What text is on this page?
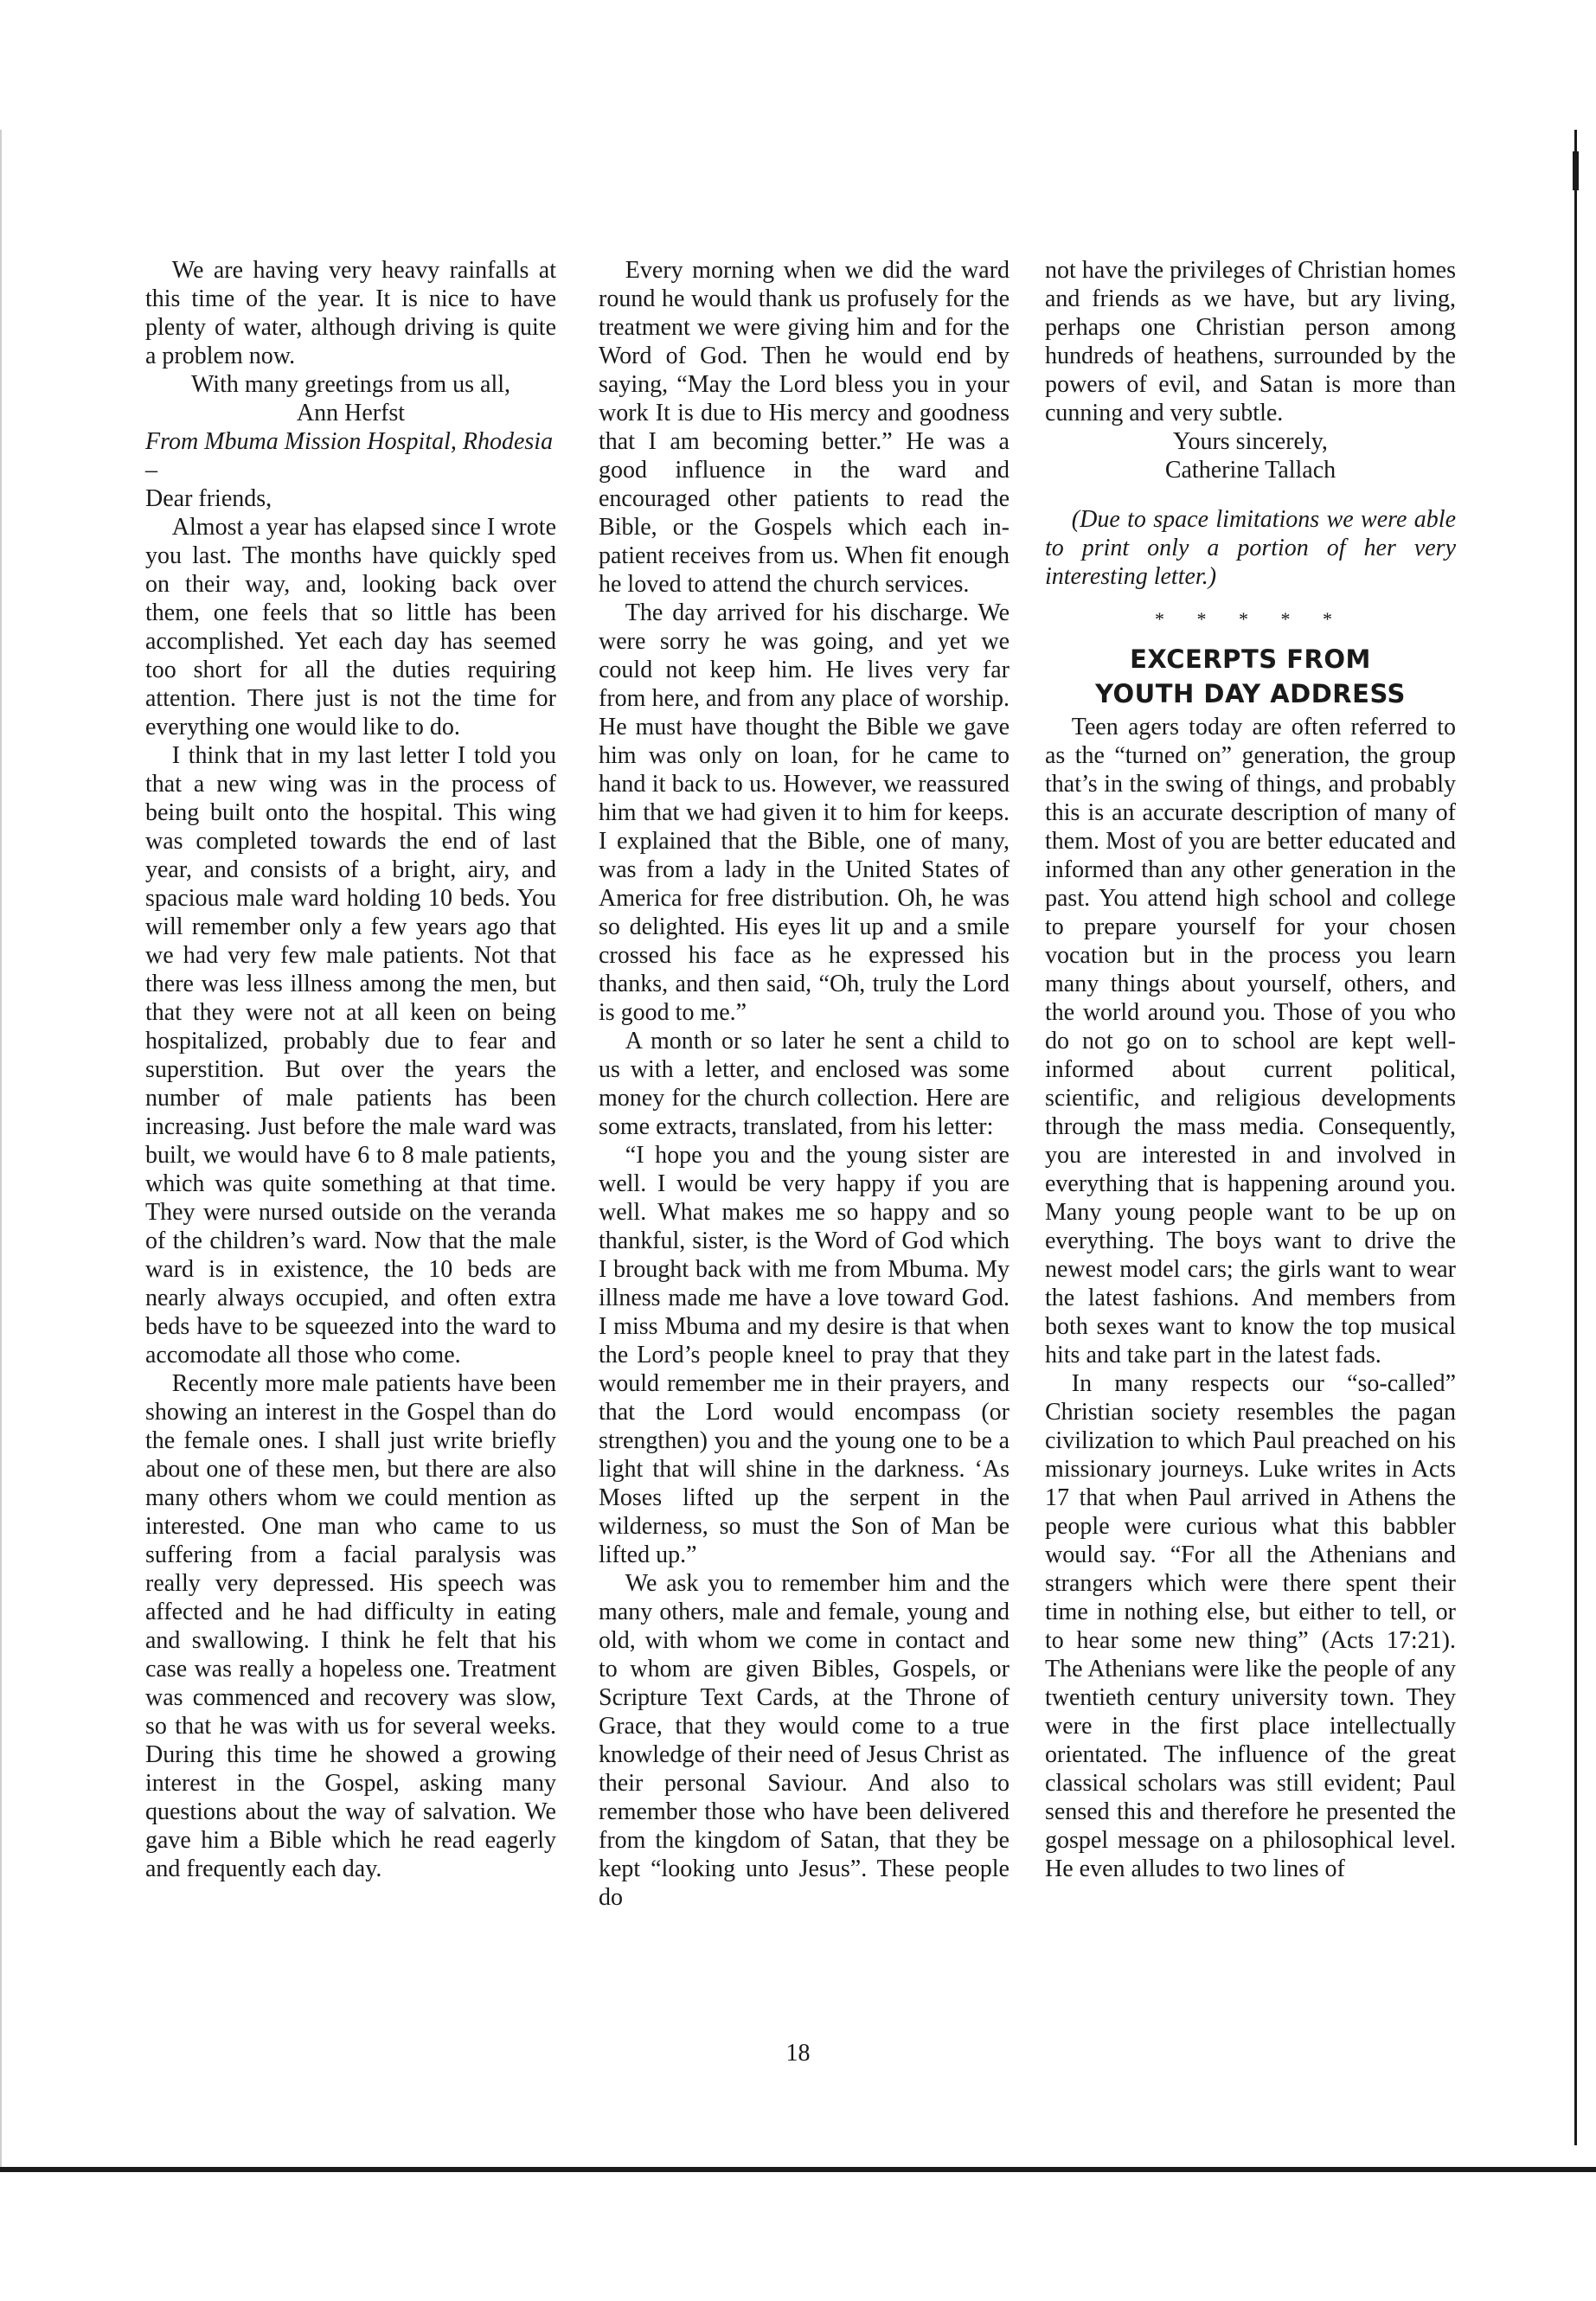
We are having very heavy rainfalls at this time of the year. It is nice to have plenty of water, although driving is quite a problem now.

With many greetings from us all,

Ann Herfst

From Mbuma Mission Hospital, Rhodesia –

Dear friends,

Almost a year has elapsed since I wrote you last. The months have quickly sped on their way, and, looking back over them, one feels that so little has been accomplished. Yet each day has seemed too short for all the duties requiring attention. There just is not the time for everything one would like to do.

I think that in my last letter I told you that a new wing was in the process of being built onto the hospital. This wing was completed towards the end of last year, and consists of a bright, airy, and spacious male ward holding 10 beds. You will remember only a few years ago that we had very few male patients. Not that there was less illness among the men, but that they were not at all keen on being hospitalized, probably due to fear and superstition. But over the years the number of male patients has been increasing. Just before the male ward was built, we would have 6 to 8 male patients, which was quite something at that time. They were nursed outside on the veranda of the children’s ward. Now that the male ward is in existence, the 10 beds are nearly always occupied, and often extra beds have to be squeezed into the ward to accomodate all those who come.

Recently more male patients have been showing an interest in the Gospel than do the female ones. I shall just write briefly about one of these men, but there are also many others whom we could mention as interested. One man who came to us suffering from a facial paralysis was really very depressed. His speech was affected and he had difficulty in eating and swallowing. I think he felt that his case was really a hopeless one. Treatment was commenced and recovery was slow, so that he was with us for several weeks. During this time he showed a growing interest in the Gospel, asking many questions about the way of salvation. We gave him a Bible which he read eagerly and frequently each day.

Every morning when we did the ward round he would thank us profusely for the treatment we were giving him and for the Word of God. Then he would end by saying, “May the Lord bless you in your work It is due to His mercy and goodness that I am becoming better.” He was a good influence in the ward and encouraged other patients to read the Bible, or the Gospels which each in-patient receives from us. When fit enough he loved to attend the church services.

The day arrived for his discharge. We were sorry he was going, and yet we could not keep him. He lives very far from here, and from any place of worship. He must have thought the Bible we gave him was only on loan, for he came to hand it back to us. However, we reassured him that we had given it to him for keeps. I explained that the Bible, one of many, was from a lady in the United States of America for free distribution. Oh, he was so delighted. His eyes lit up and a smile crossed his face as he expressed his thanks, and then said, “Oh, truly the Lord is good to me.”

A month or so later he sent a child to us with a letter, and enclosed was some money for the church collection. Here are some extracts, translated, from his letter:

“I hope you and the young sister are well. I would be very happy if you are well. What makes me so happy and so thankful, sister, is the Word of God which I brought back with me from Mbuma. My illness made me have a love toward God. I miss Mbuma and my desire is that when the Lord’s people kneel to pray that they would remember me in their prayers, and that the Lord would encompass (or strengthen) you and the young one to be a light that will shine in the darkness. ‘As Moses lifted up the serpent in the wilderness, so must the Son of Man be lifted up.”

We ask you to remember him and the many others, male and female, young and old, with whom we come in contact and to whom are given Bibles, Gospels, or Scripture Text Cards, at the Throne of Grace, that they would come to a true knowledge of their need of Jesus Christ as their personal Saviour. And also to remember those who have been delivered from the kingdom of Satan, that they be kept “looking unto Jesus”. These people do

not have the privileges of Christian homes and friends as we have, but ary living, perhaps one Christian person among hundreds of heathens, surrounded by the powers of evil, and Satan is more than cunning and very subtle.

Yours sincerely,

Catherine Tallach

(Due to space limitations we were able to print only a portion of her very interesting letter.)

* * * * *
EXCERPTS FROM
YOUTH DAY ADDRESS

Teen agers today are often referred to as the “turned on” generation, the group that’s in the swing of things, and probably this is an accurate description of many of them. Most of you are better educated and informed than any other generation in the past. You attend high school and college to prepare yourself for your chosen vocation but in the process you learn many things about yourself, others, and the world around you. Those of you who do not go on to school are kept well-informed about current political, scientific, and religious developments through the mass media. Consequently, you are interested in and involved in everything that is happening around you. Many young people want to be up on everything. The boys want to drive the newest model cars; the girls want to wear the latest fashions. And members from both sexes want to know the top musical hits and take part in the latest fads.

In many respects our “so-called” Christian society resembles the pagan civilization to which Paul preached on his missionary journeys. Luke writes in Acts 17 that when Paul arrived in Athens the people were curious what this babbler would say. “For all the Athenians and strangers which were there spent their time in nothing else, but either to tell, or to hear some new thing” (Acts 17:21). The Athenians were like the people of any twentieth century university town. They were in the first place intellectually orientated. The influence of the great classical scholars was still evident; Paul sensed this and therefore he presented the gospel message on a philosophical level. He even alludes to two lines of

18
